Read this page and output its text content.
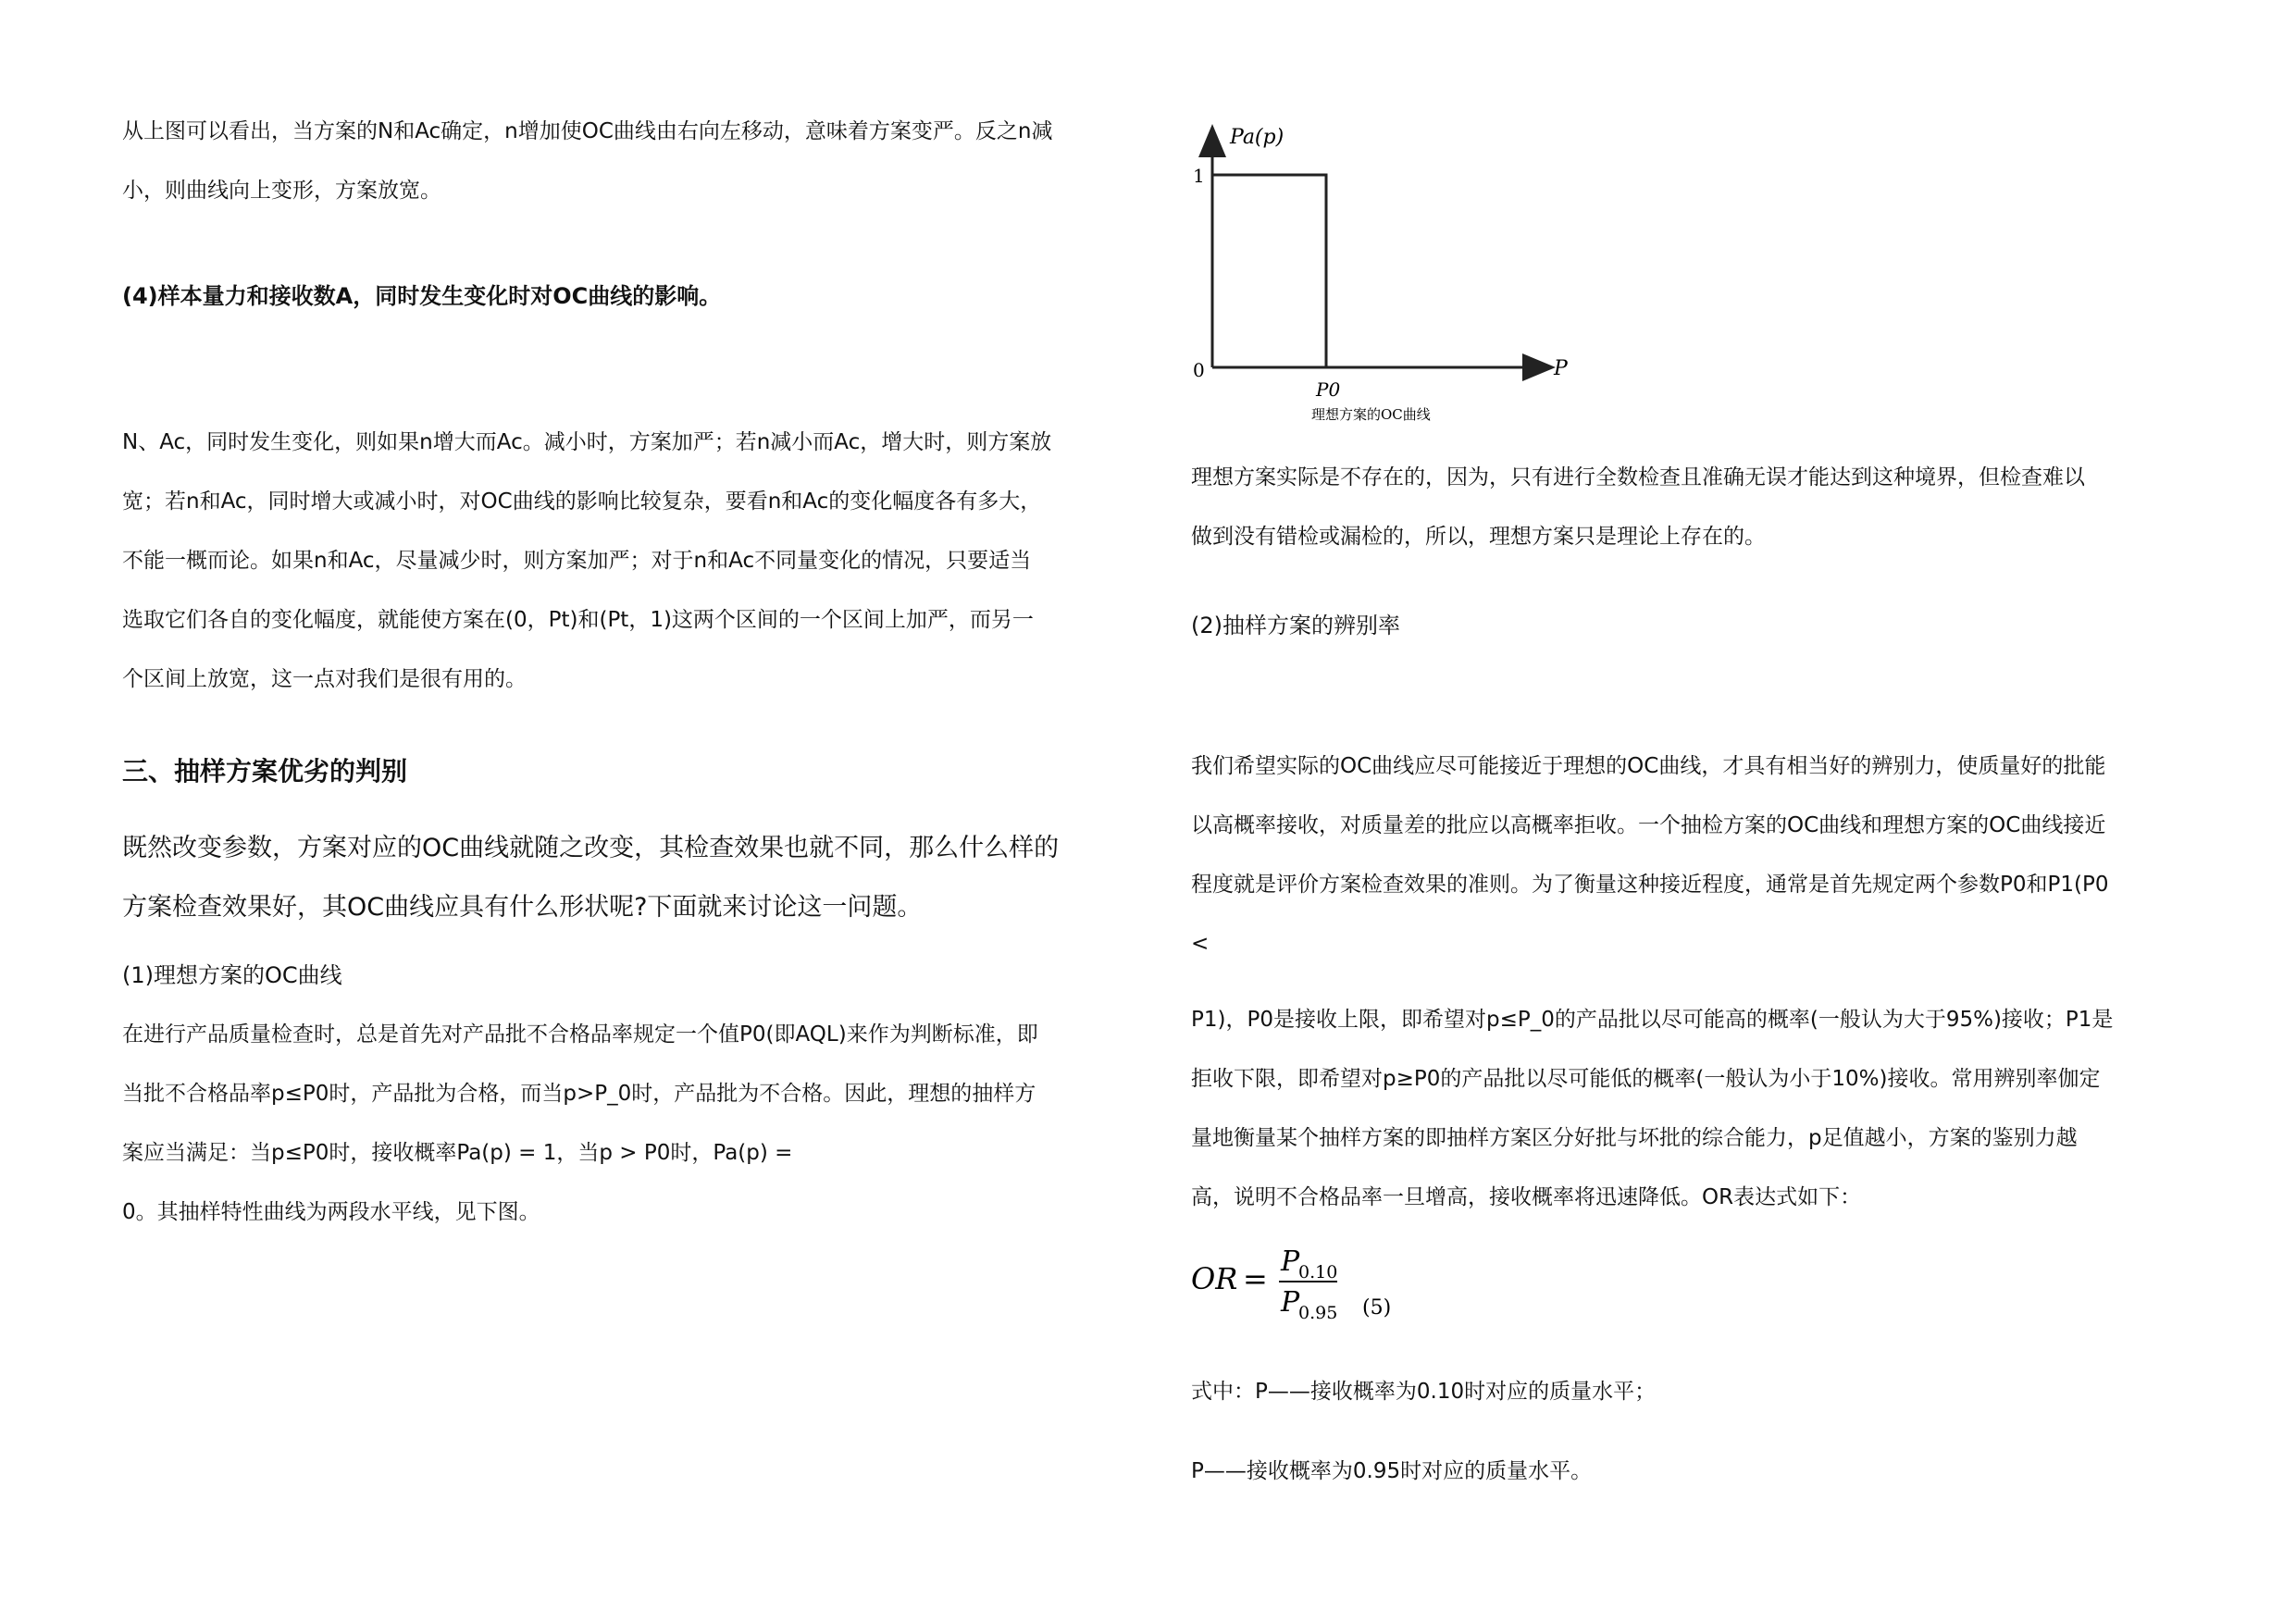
从上图可以看出，当方案的N和Ac确定，n增加使OC曲线由右向左移动，意味着方案变严。反之n减

小，则曲线向上变形，方案放宽。

(4)样本量力和接收数A，同时发生变化时对OC曲线的影响。

N、Ac，同时发生变化，则如果n增大而Ac。减小时，方案加严；若n减小而Ac，增大时，则方案放

宽；若n和Ac，同时增大或减小时，对OC曲线的影响比较复杂，要看n和Ac的变化幅度各有多大，

不能一概而论。如果n和Ac，尽量减少时，则方案加严；对于n和Ac不同量变化的情况，只要适当

选取它们各自的变化幅度，就能使方案在(0，Pt)和(Pt，1)这两个区间的一个区间上加严，而另一

个区间上放宽，这一点对我们是很有用的。

三、抽样方案优劣的判别

既然改变参数，方案对应的OC曲线就随之改变，其检查效果也就不同，那么什么样的

方案检查效果好，其OC曲线应具有什么形状呢?下面就来讨论这一问题。

(1)理想方案的OC曲线

在进行产品质量检查时，总是首先对产品批不合格品率规定一个值P0(即AQL)来作为判断标准，即

当批不合格品率p≤P0时，产品批为合格，而当p>P_0时，产品批为不合格。因此，理想的抽样方

案应当满足：当p≤P0时，接收概率Pa(p) = 1，当p > P0时，Pa(p) =

0。其抽样特性曲线为两段水平线，见下图。

Pa(p)
1
0	P
P0
理想方案的OC曲线

理想方案实际是不存在的，因为，只有进行全数检查且准确无误才能达到这种境界，但检查难以

做到没有错检或漏检的，所以，理想方案只是理论上存在的。

(2)抽样方案的辨别率

我们希望实际的OC曲线应尽可能接近于理想的OC曲线，才具有相当好的辨别力，使质量好的批能

以高概率接收，对质量差的批应以高概率拒收。一个抽检方案的OC曲线和理想方案的OC曲线接近

程度就是评价方案检查效果的准则。为了衡量这种接近程度，通常是首先规定两个参数P0和P1(P0

<

P1)，P0是接收上限，即希望对p≤P_0的产品批以尽可能高的概率(一般认为大于95%)接收；P1是

拒收下限，即希望对p≥P0的产品批以尽可能低的概率(一般认为小于10%)接收。常用辨别率伽定

量地衡量某个抽样方案的即抽样方案区分好批与坏批的综合能力，p足值越小，方案的鉴别力越

高，说明不合格品率一旦增高，接收概率将迅速降低。OR表达式如下：

OR = P
0.10
P
0.95 (5)

式中：P——接收概率为0.10时对应的质量水平；

P——接收概率为0.95时对应的质量水平。
